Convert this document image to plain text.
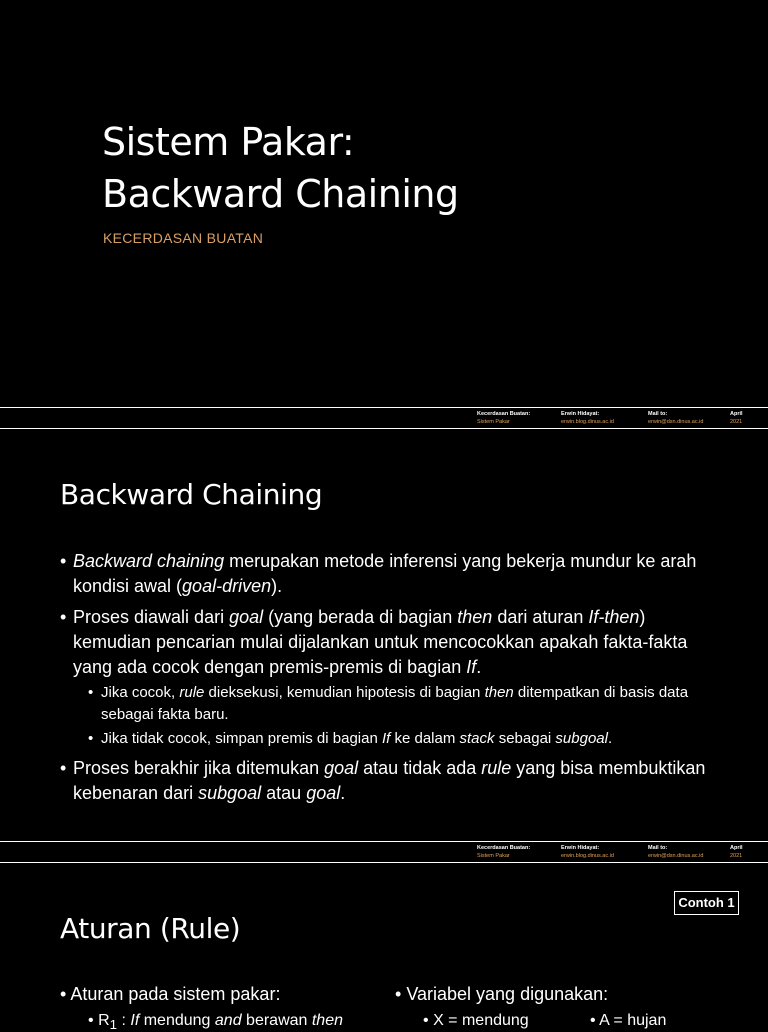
Sistem Pakar:
Backward Chaining
KECERDASAN BUATAN
Kecerdasan Buatan:
Sistem Pakar
Erwin Hidayat:
erwin.blog.dinus.ac.id
Mail to:
erwin@dsn.dinus.ac.id
April
2021
Backward Chaining
• Backward chaining merupakan metode inferensi yang bekerja mundur ke arah kondisi awal (goal-driven).
• Proses diawali dari goal (yang berada di bagian then dari aturan If-then) kemudian pencarian mulai dijalankan untuk mencocokkan apakah fakta-fakta yang ada cocok dengan premis-premis di bagian If.
• Jika cocok, rule dieksekusi, kemudian hipotesis di bagian then ditempatkan di basis data sebagai fakta baru.
• Jika tidak cocok, simpan premis di bagian If ke dalam stack sebagai subgoal.
• Proses berakhir jika ditemukan goal atau tidak ada rule yang bisa membuktikan kebenaran dari subgoal atau goal.
Kecerdasan Buatan:
Sistem Pakar
Erwin Hidayat:
erwin.blog.dinus.ac.id
Mail to:
erwin@dsn.dinus.ac.id
April
2021
Contoh 1
Aturan (Rule)
• Aturan pada sistem pakar:
• $R_1$ : If mendung and berawan then
• Variabel yang digunakan:
• X = mendung	• A = hujan
